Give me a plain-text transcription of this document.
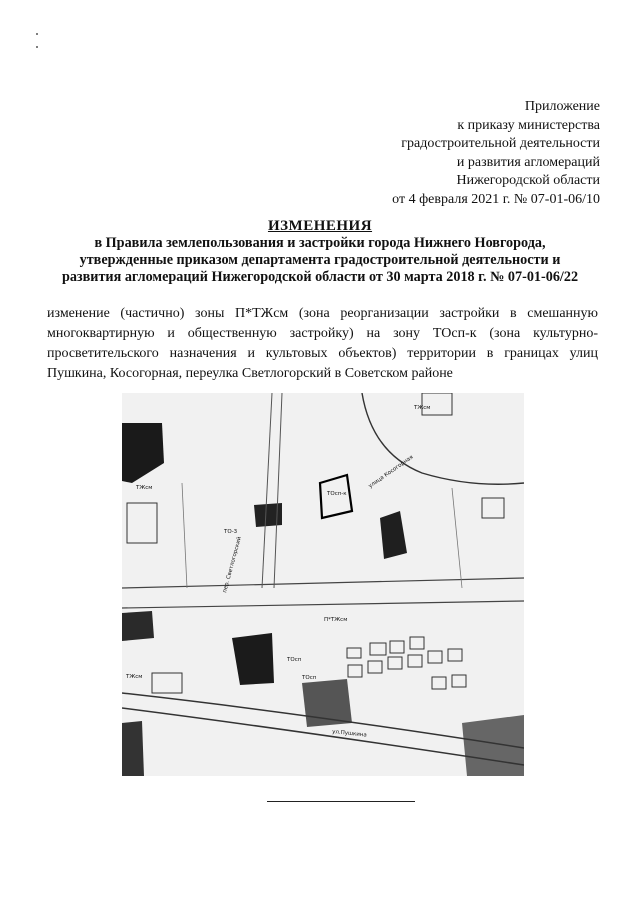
Приложение
к приказу министерства
градостроительной деятельности
и развития агломераций
Нижегородской области
от 4 февраля 2021 г. № 07-01-06/10
ИЗМЕНЕНИЯ
в Правила землепользования и застройки города Нижнего Новгорода,
утвержденные приказом департамента градостроительной деятельности и
развития агломераций Нижегородской области от 30 марта 2018 г. № 07-01-06/22
изменение (частично) зоны П*ТЖсм (зона реорганизации застройки в смешанную многоквартирную и общественную застройку) на зону ТОсп-к (зона культурно-просветительского назначения и культовых объектов) территории в границах улиц Пушкина, Косогорная, переулка Светлогорский в Советском районе
ТЖсм
ТЖсм
ТОсп-к
ТО-3
П*ТЖсм
улица Косогорная
пер. Светлогорский
ТЖсм	ТОсп
ТОсп
ул.Пушкина
